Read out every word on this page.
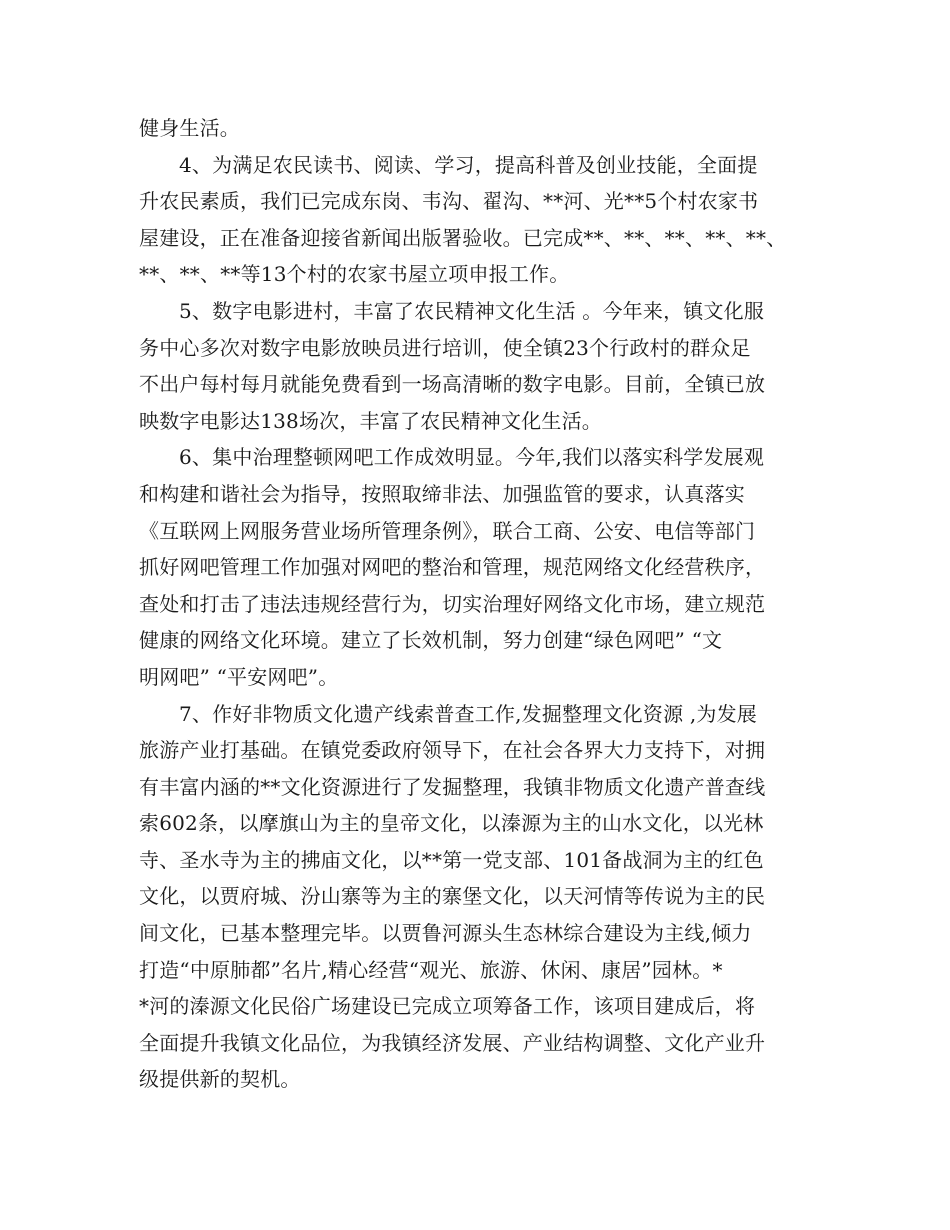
健身生活。
4、为满足农民读书、阅读、学习，提高科普及创业技能，全面提
升农民素质，我们已完成东岗、韦沟、翟沟、**河、光**5个村农家书
屋建设，正在准备迎接省新闻出版署验收。已完成**、**、**、**、**、
**、**、**等13个村的农家书屋立项申报工作。
5、数字电影进村，丰富了农民精神文化生活 。今年来，镇文化服
务中心多次对数字电影放映员进行培训，使全镇23个行政村的群众足
不出户每村每月就能免费看到一场高清晰的数字电影。目前，全镇已放
映数字电影达138场次，丰富了农民精神文化生活。
6、集中治理整顿网吧工作成效明显。今年,我们以落实科学发展观
和构建和谐社会为指导，按照取缔非法、加强监管的要求，认真落实
《互联网上网服务营业场所管理条例》，联合工商、公安、电信等部门
抓好网吧管理工作加强对网吧的整治和管理，规范网络文化经营秩序，
查处和打击了违法违规经营行为，切实治理好网络文化市场，建立规范
健康的网络文化环境。建立了长效机制，努力创建“绿色网吧” “文
明网吧” “平安网吧”。
7、作好非物质文化遗产线索普查工作,发掘整理文化资源 ,为发展
旅游产业打基础。在镇党委政府领导下，在社会各界大力支持下，对拥
有丰富内涵的**文化资源进行了发掘整理，我镇非物质文化遗产普查线
索602条，以摩旗山为主的皇帝文化，以溱源为主的山水文化，以光林
寺、圣水寺为主的拂庙文化，以**第一党支部、101备战洞为主的红色
文化，以贾府城、汾山寨等为主的寨堡文化，以天河情等传说为主的民
间文化，已基本整理完毕。以贾鲁河源头生态林综合建设为主线,倾力
打造“中原肺都”名片,精心经营“观光、旅游、休闲、康居”园林。*
*河的溱源文化民俗广场建设已完成立项筹备工作，该项目建成后，将
全面提升我镇文化品位，为我镇经济发展、产业结构调整、文化产业升
级提供新的契机。
